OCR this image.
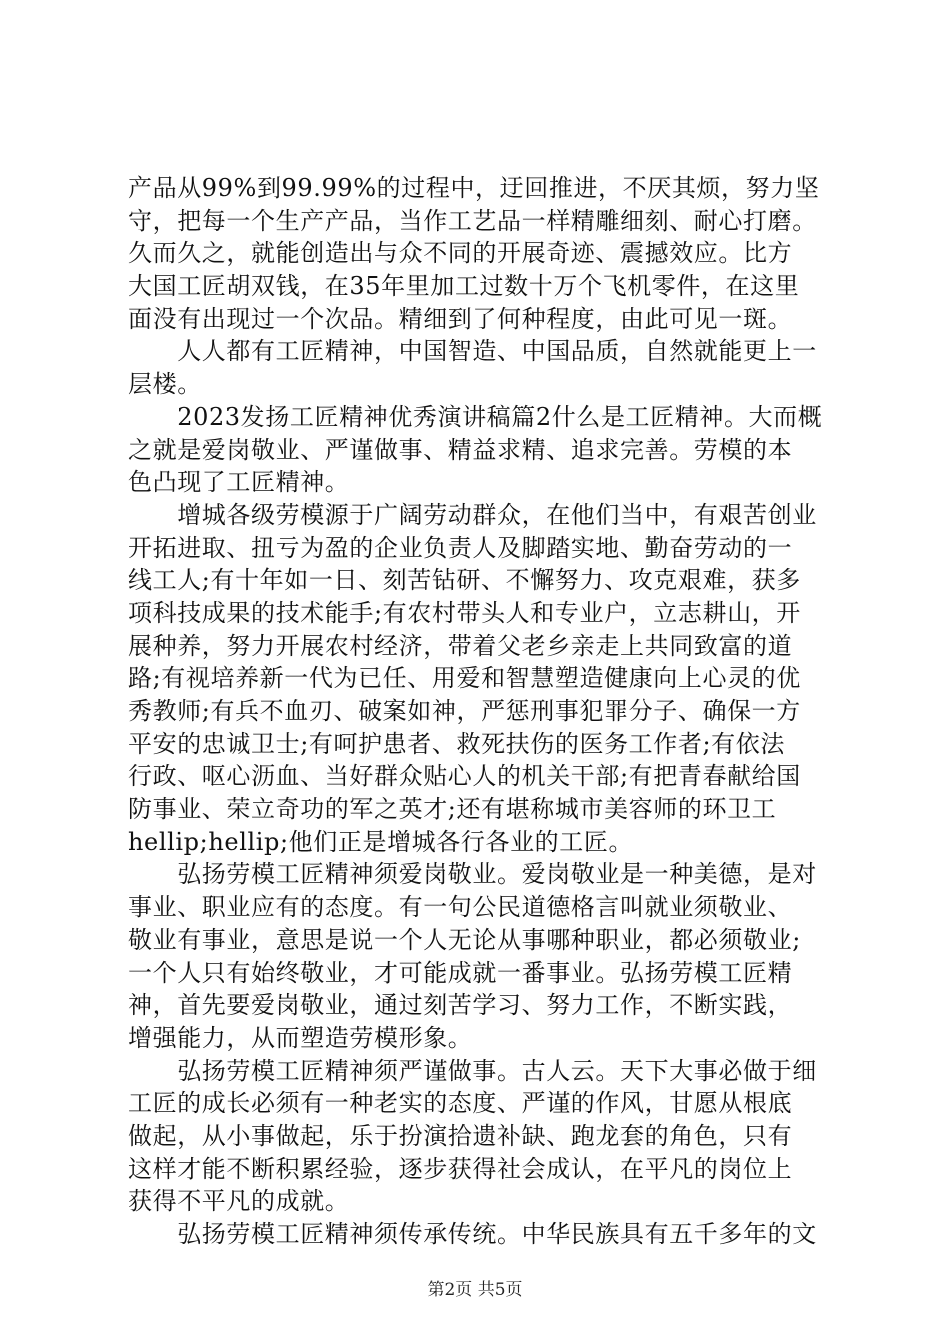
产品从99%到99.99%的过程中，迂回推进，不厌其烦，努力坚
守，把每一个生产产品，当作工艺品一样精雕细刻、耐心打磨。
久而久之，就能创造出与众不同的开展奇迹、震撼效应。比方
大国工匠胡双钱，在35年里加工过数十万个飞机零件，在这里
面没有出现过一个次品。精细到了何种程度，由此可见一斑。
　　人人都有工匠精神，中国智造、中国品质，自然就能更上一
层楼。
　　2023发扬工匠精神优秀演讲稿篇2什么是工匠精神。大而概
之就是爱岗敬业、严谨做事、精益求精、追求完善。劳模的本
色凸现了工匠精神。
　　增城各级劳模源于广阔劳动群众，在他们当中，有艰苦创业
开拓进取、扭亏为盈的企业负责人及脚踏实地、勤奋劳动的一
线工人;有十年如一日、刻苦钻研、不懈努力、攻克艰难，获多
项科技成果的技术能手;有农村带头人和专业户，立志耕山，开
展种养，努力开展农村经济，带着父老乡亲走上共同致富的道
路;有视培养新一代为已任、用爱和智慧塑造健康向上心灵的优
秀教师;有兵不血刃、破案如神，严惩刑事犯罪分子、确保一方
平安的忠诚卫士;有呵护患者、救死扶伤的医务工作者;有依法
行政、呕心沥血、当好群众贴心人的机关干部;有把青春献给国
防事业、荣立奇功的军之英才;还有堪称城市美容师的环卫工
hellip;hellip;他们正是增城各行各业的工匠。
　　弘扬劳模工匠精神须爱岗敬业。爱岗敬业是一种美德，是对
事业、职业应有的态度。有一句公民道德格言叫就业须敬业、
敬业有事业，意思是说一个人无论从事哪种职业，都必须敬业;
一个人只有始终敬业，才可能成就一番事业。弘扬劳模工匠精
神，首先要爱岗敬业，通过刻苦学习、努力工作，不断实践，
增强能力，从而塑造劳模形象。
　　弘扬劳模工匠精神须严谨做事。古人云。天下大事必做于细
工匠的成长必须有一种老实的态度、严谨的作风，甘愿从根底
做起，从小事做起，乐于扮演拾遗补缺、跑龙套的角色，只有
这样才能不断积累经验，逐步获得社会成认，在平凡的岗位上
获得不平凡的成就。
　　弘扬劳模工匠精神须传承传统。中华民族具有五千多年的文
第2页 共5页
